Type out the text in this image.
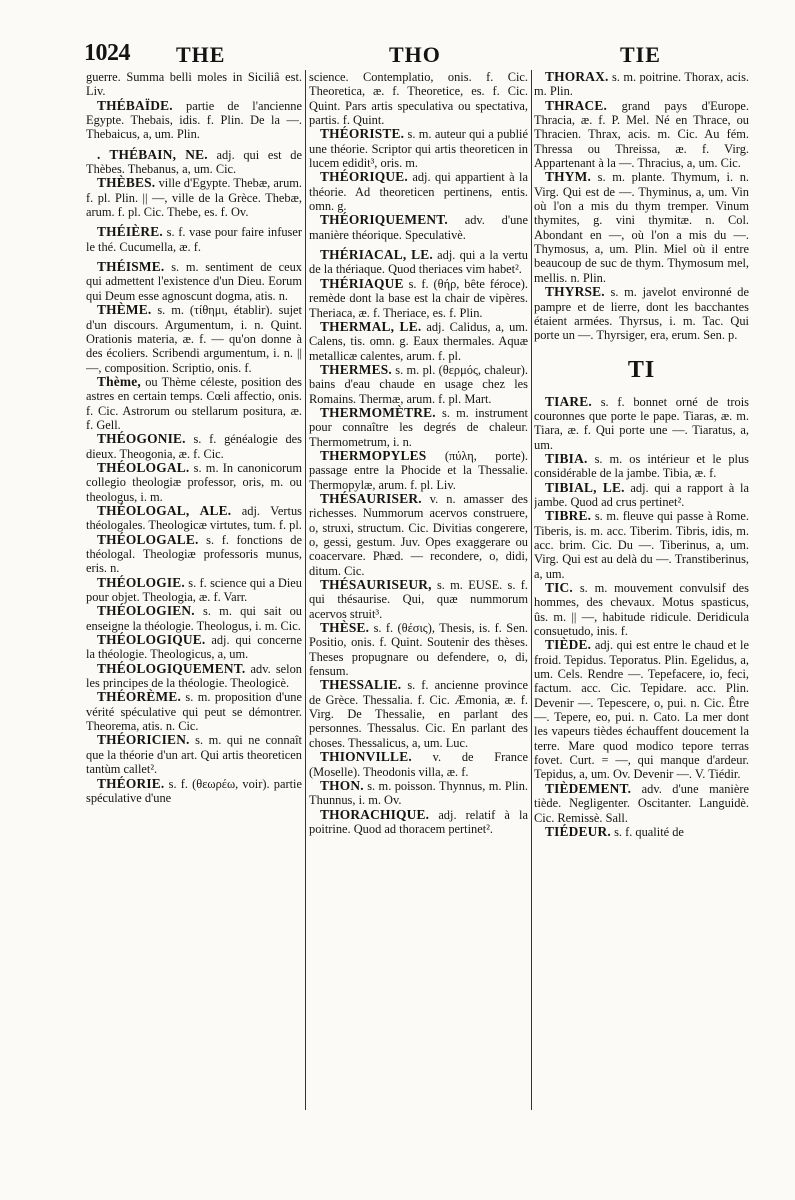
1024 THE	THO	TIE

guerre. Summa belli moles in Siciliâ est. Liv.

THÉBAÏDE. partie de l'ancienne Egypte. Thebais, idis. f. Plin. De la —. Thebaicus, a, um. Plin.

. THÉBAIN, NE. adj. qui est de Thèbes. Thebanus, a, um. Cic.

THÈBES. ville d'Egypte. Thebæ, arum. f. pl. Plin. || —, ville de la Grèce. Thebæ, arum. f. pl. Cic. Thebe, es. f. Ov.

THÉIÈRE. s. f. vase pour faire infuser le thé. Cucumella, æ. f.

THÉISME. s. m. sentiment de ceux qui admettent l'existence d'un Dieu. Eorum qui Deum esse agnoscunt dogma, atis. n.

THÈME. s. m. (τίθημι, établir). sujet d'un discours. Argumentum, i. n. Quint. Orationis materia, æ. f. — qu'on donne à des écoliers. Scribendi argumentum, i. n. || —, composition. Scriptio, onis. f.

Thème, ou Thème céleste, position des astres en certain temps. Cœli affectio, onis. f. Cic. Astrorum ou stellarum positura, æ. f. Gell.

THÉOGONIE. s. f. généalogie des dieux. Theogonia, æ. f. Cic.

THÉOLOGAL. s. m. In canonicorum collegio theologiæ professor, oris, m. ou theologus, i. m.

THÉOLOGAL, ALE. adj. Vertus théologales. Theologicæ virtutes, tum. f. pl.

THÉOLOGALE. s. f. fonctions de théologal. Theologiæ professoris munus, eris. n.

THÉOLOGIE. s. f. science qui a Dieu pour objet. Theologia, æ. f. Varr.

THÉOLOGIEN. s. m. qui sait ou enseigne la théologie. Theologus, i. m. Cic.

THÉOLOGIQUE. adj. qui concerne la théologie. Theologicus, a, um.

THÉOLOGIQUEMENT. adv. selon les principes de la théologie. Theologicè.

THÉORÈME. s. m. proposition d'une vérité spéculative qui peut se démontrer. Theorema, atis. n. Cic.

THÉORICIEN. s. m. qui ne connaît que la théorie d'un art. Qui artis theoreticen tantùm callet².

THÉORIE. s. f. (θεωρέω, voir). partie spéculative d'une

science. Contemplatio, onis. f. Cic. Theoretica, æ. f. Theoretice, es. f. Cic. Quint. Pars artis speculativa ou spectativa, partis. f. Quint.

THÉORISTE. s. m. auteur qui a publié une théorie. Scriptor qui artis theoreticen in lucem edidit³, oris. m.

THÉORIQUE. adj. qui appartient à la théorie. Ad theoreticen pertinens, entis. omn. g.

THÉORIQUEMENT. adv. d'une manière théorique. Speculativè.

THÉRIACAL, LE. adj. qui a la vertu de la thériaque. Quod theriaces vim habet².

THÉRIAQUE s. f. (θήρ, bête féroce). remède dont la base est la chair de vipères. Theriaca, æ. f. Theriace, es. f. Plin.

THERMAL, LE. adj. Calidus, a, um. Calens, tis. omn. g. Eaux thermales. Aquæ metallicæ calentes, arum. f. pl.

THERMES. s. m. pl. (θερμός, chaleur). bains d'eau chaude en usage chez les Romains. Thermæ, arum. f. pl. Mart.

THERMOMÈTRE. s. m. instrument pour connaître les degrés de chaleur. Thermometrum, i. n.

THERMOPYLES (πύλη, porte). passage entre la Phocide et la Thessalie. Thermopylæ, arum. f. pl. Liv.

THÉSAURISER. v. n. amasser des richesses. Nummorum acervos construere, o, struxi, structum. Cic. Divitias congerere, o, gessi, gestum. Juv. Opes exaggerare ou coacervare. Phæd. — recondere, o, didi, ditum. Cic.

THÉSAURISEUR, s. m. EUSE. s. f. qui thésaurise. Qui, quæ nummorum acervos struit³.

THÈSE. s. f. (θέσις), Thesis, is. f. Sen. Positio, onis. f. Quint. Soutenir des thèses. Theses propugnare ou defendere, o, di, fensum.

THESSALIE. s. f. ancienne province de Grèce. Thessalia. f. Cic. Æmonia, æ. f. Virg. De Thessalie, en parlant des personnes. Thessalus. Cic. En parlant des choses. Thessalicus, a, um. Luc.

THIONVILLE. v. de France (Moselle). Theodonis villa, æ. f.

THON. s. m. poisson. Thynnus, m. Plin. Thunnus, i. m. Ov.

THORACHIQUE. adj. relatif à la poitrine. Quod ad thoracem pertinet².

THORAX. s. m. poitrine. Thorax, acis. m. Plin.

THRACE. grand pays d'Europe. Thracia, æ. f. P. Mel. Né en Thrace, ou Thracien. Thrax, acis. m. Cic. Au fém. Thressa ou Threissa, æ. f. Virg. Appartenant à la —. Thracius, a, um. Cic.

THYM. s. m. plante. Thymum, i. n. Virg. Qui est de —. Thyminus, a, um. Vin où l'on a mis du thym tremper. Vinum thymites, g. vini thymitæ. n. Col. Abondant en —, où l'on a mis du —. Thymosus, a, um. Plin. Miel où il entre beaucoup de suc de thym. Thymosum mel, mellis. n. Plin.

THYRSE. s. m. javelot environné de pampre et de lierre, dont les bacchantes étaient armées. Thyrsus, i. m. Tac. Qui porte un —. Thyrsiger, era, erum. Sen. p.

TI

TIARE. s. f. bonnet orné de trois couronnes que porte le pape. Tiaras, æ. m. Tiara, æ. f. Qui porte une —. Tiaratus, a, um.

TIBIA. s. m. os intérieur et le plus considérable de la jambe. Tibia, æ. f.

TIBIAL, LE. adj. qui a rapport à la jambe. Quod ad crus pertinet².

TIBRE. s. m. fleuve qui passe à Rome. Tiberis, is. m. acc. Tiberim. Tibris, idis, m. acc. brim. Cic. Du —. Tiberinus, a, um. Virg. Qui est au delà du —. Transtiberinus, a, um.

TIC. s. m. mouvement convulsif des hommes, des chevaux. Motus spasticus, ûs. m. || —, habitude ridicule. Deridicula consuetudo, inis. f.

TIÈDE. adj. qui est entre le chaud et le froid. Tepidus. Teporatus. Plin. Egelidus, a, um. Cels. Rendre —. Tepefacere, io, feci, factum. acc. Cic. Tepidare. acc. Plin. Devenir —. Tepescere, o, pui. n. Cic. Être —. Tepere, eo, pui. n. Cato. La mer dont les vapeurs tièdes échauffent doucement la terre. Mare quod modico tepore terras fovet. Curt. = —, qui manque d'ardeur. Tepidus, a, um. Ov. Devenir —. V. Tiédir.

TIÈDEMENT. adv. d'une manière tiède. Negligenter. Oscitanter. Languidè. Cic. Remissè. Sall.

TIÉDEUR. s. f. qualité de
